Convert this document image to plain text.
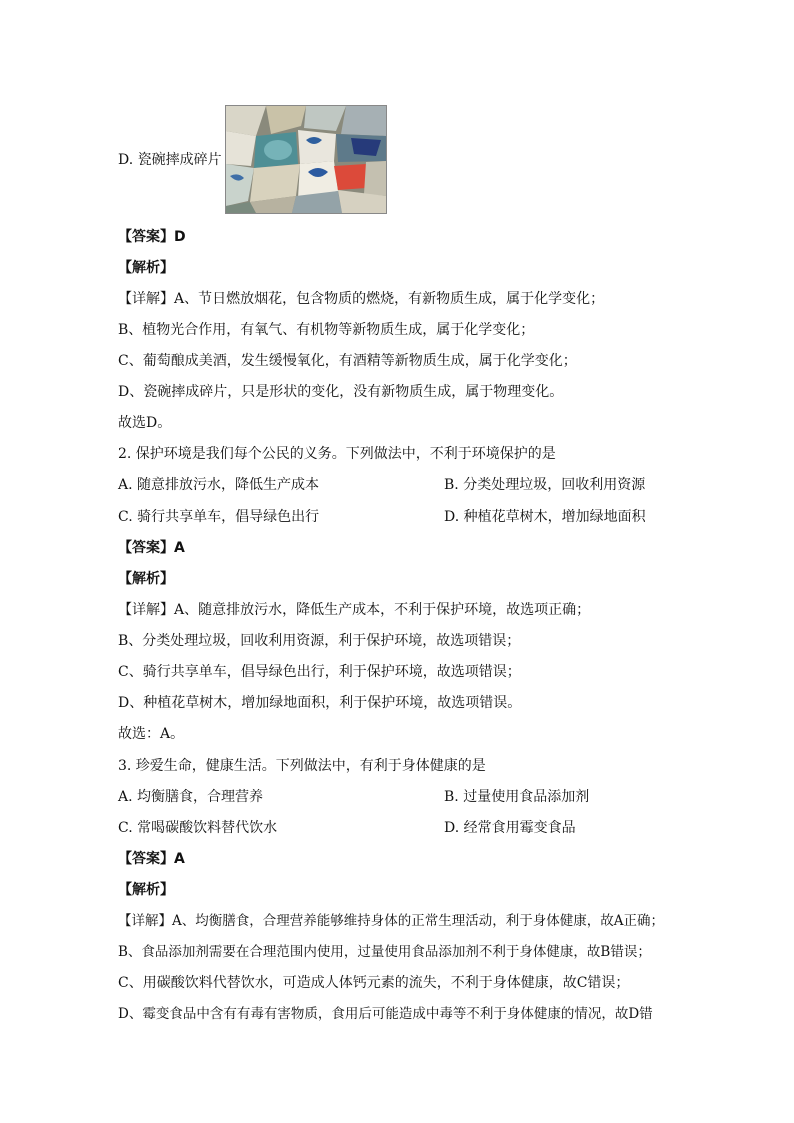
D. 瓷碗摔成碎片
【答案】D
【解析】
【详解】A、节日燃放烟花，包含物质的燃烧，有新物质生成，属于化学变化；
B、植物光合作用，有氧气、有机物等新物质生成，属于化学变化；
C、葡萄酿成美酒，发生缓慢氧化，有酒精等新物质生成，属于化学变化；
D、瓷碗摔成碎片，只是形状的变化，没有新物质生成，属于物理变化。
故选D。
2. 保护环境是我们每个公民的义务。下列做法中，不利于环境保护的是
A. 随意排放污水，降低生产成本	B. 分类处理垃圾，回收利用资源
C. 骑行共享单车，倡导绿色出行	D. 种植花草树木，增加绿地面积
【答案】A
【解析】
【详解】A、随意排放污水，降低生产成本，不利于保护环境，故选项正确；
B、分类处理垃圾，回收利用资源，利于保护环境，故选项错误；
C、骑行共享单车，倡导绿色出行，利于保护环境，故选项错误；
D、种植花草树木，增加绿地面积，利于保护环境，故选项错误。
故选：A。
3. 珍爱生命，健康生活。下列做法中，有利于身体健康的是
A. 均衡膳食，合理营养	B. 过量使用食品添加剂
C. 常喝碳酸饮料替代饮水	D. 经常食用霉变食品
【答案】A
【解析】
【详解】A、均衡膳食，合理营养能够维持身体的正常生理活动，利于身体健康，故A正确；
B、食品添加剂需要在合理范围内使用，过量使用食品添加剂不利于身体健康，故B错误；
C、用碳酸饮料代替饮水，可造成人体钙元素的流失，不利于身体健康，故C错误；
D、霉变食品中含有有毒有害物质，食用后可能造成中毒等不利于身体健康的情况，故D错
